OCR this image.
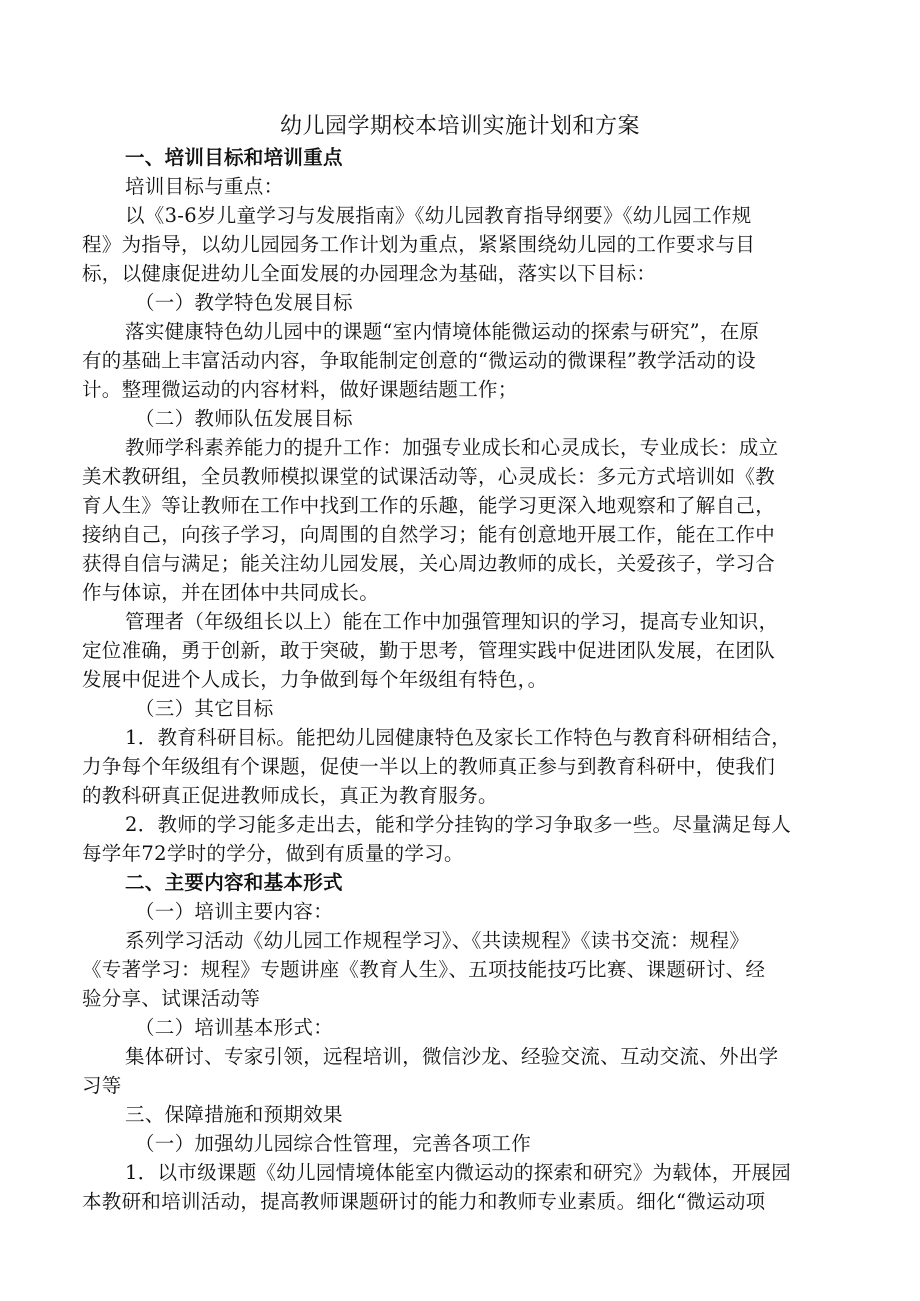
幼儿园学期校本培训实施计划和方案
一、培训目标和培训重点
培训目标与重点：
以《3-6岁儿童学习与发展指南》《幼儿园教育指导纲要》《幼儿园工作规
程》为指导，以幼儿园园务工作计划为重点，紧紧围绕幼儿园的工作要求与目
标，以健康促进幼儿全面发展的办园理念为基础，落实以下目标：
（一）教学特色发展目标
落实健康特色幼儿园中的课题“室内情境体能微运动的探索与研究”，在原
有的基础上丰富活动内容，争取能制定创意的“微运动的微课程”教学活动的设
计。整理微运动的内容材料，做好课题结题工作；
（二）教师队伍发展目标
教师学科素养能力的提升工作：加强专业成长和心灵成长，专业成长：成立
美术教研组，全员教师模拟课堂的试课活动等，心灵成长：多元方式培训如《教
育人生》等让教师在工作中找到工作的乐趣，能学习更深入地观察和了解自己，
接纳自己，向孩子学习，向周围的自然学习；能有创意地开展工作，能在工作中
获得自信与满足；能关注幼儿园发展，关心周边教师的成长，关爱孩子，学习合
作与体谅，并在团体中共同成长。
管理者（年级组长以上）能在工作中加强管理知识的学习，提高专业知识，
定位准确，勇于创新，敢于突破，勤于思考，管理实践中促进团队发展，在团队
发展中促进个人成长，力争做到每个年级组有特色，。
（三）其它目标
1．教育科研目标。能把幼儿园健康特色及家长工作特色与教育科研相结合，
力争每个年级组有个课题，促使一半以上的教师真正参与到教育科研中，使我们
的教科研真正促进教师成长，真正为教育服务。
2．教师的学习能多走出去，能和学分挂钩的学习争取多一些。尽量满足每人
每学年72学时的学分，做到有质量的学习。
二、主要内容和基本形式
（一）培训主要内容：
系列学习活动《幼儿园工作规程学习》、《共读规程》《读书交流：规程》
《专著学习：规程》专题讲座《教育人生》、五项技能技巧比赛、课题研讨、经
验分享、试课活动等
（二）培训基本形式：
集体研讨、专家引领，远程培训，微信沙龙、经验交流、互动交流、外出学
习等
三、保障措施和预期效果
（一）加强幼儿园综合性管理，完善各项工作
1．以市级课题《幼儿园情境体能室内微运动的探索和研究》为载体，开展园
本教研和培训活动，提高教师课题研讨的能力和教师专业素质。细化“微运动项
